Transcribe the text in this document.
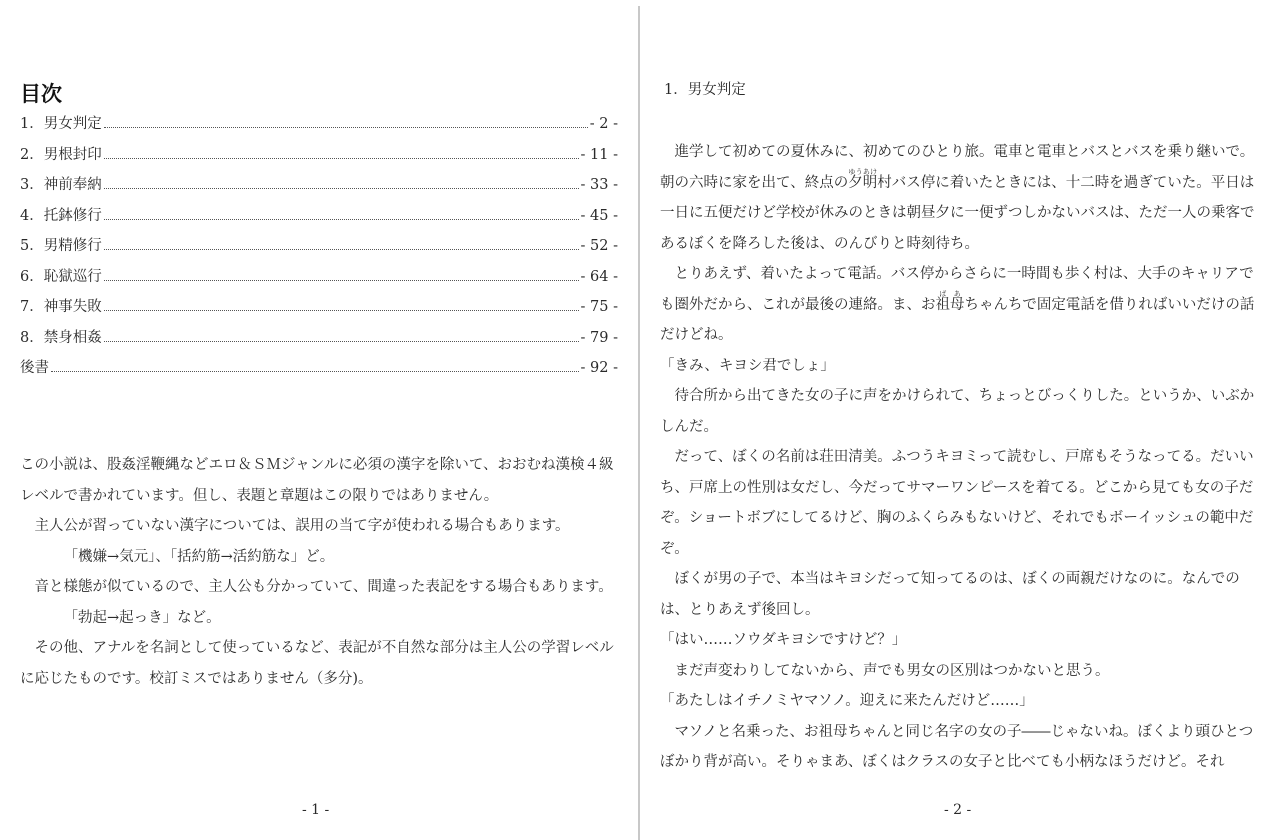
目次
1．男女判定	- 2 -
2．男根封印	- 11 -
3．神前奉納	- 33 -
4．托鉢修行	- 45 -
5．男精修行	- 52 -
6．恥獄巡行	- 64 -
7．神事失敗	- 75 -
8．禁身相姦	- 79 -
後書	- 92 -

この小説は、股姦淫鞭縄などエロ＆ＳＭジャンルに必須の漢字を除いて、おおむね漢検４級レベルで書かれています。但し、表題と章題はこの限りではありません。

主人公が習っていない漢字については、誤用の当て字が使われる場合もあります。

「機嫌→気元」、「括約筋→活約筋な」ど。

音と様態が似ているので、主人公も分かっていて、間違った表記をする場合もあります。

「勃起→起っき」など。

その他、アナルを名詞として使っているなど、表記が不自然な部分は主人公の学習レベルに応じたものです。校訂ミスではありません（多分)。

- 1 -
1．男女判定

　進学して初めての夏休みに、初めてのひとり旅。電車と電車とバスとバスを乗り継いで。朝の六時に家を出て、終点の夕明ゆうあけ村バス停に着いたときには、十二時を過ぎていた。平日は一日に五便だけど学校が休みのときは朝昼夕に一便ずつしかないバスは、ただ一人の乗客であるぼくを降ろした後は、のんびりと時刻待ち。

　とりあえず、着いたよって電話。バス停からさらに一時間も歩く村は、大手のキャリアでも圏外だから、これが最後の連絡。ま、お祖母ばあちゃんちで固定電話を借りればいいだけの話だけどね。

「きみ、キヨシ君でしょ」

　待合所から出てきた女の子に声をかけられて、ちょっとびっくりした。というか、いぶかしんだ。

　だって、ぼくの名前は荘田清美。ふつうキヨミって読むし、戸席もそうなってる。だいいち、戸席上の性別は女だし、今だってサマーワンピースを着てる。どこから見ても女の子だぞ。ショートボブにしてるけど、胸のふくらみもないけど、それでもボーイッシュの範中だぞ。

　ぼくが男の子で、本当はキヨシだって知ってるのは、ぼくの両親だけなのに。なんでのは、とりあえず後回し。

「はい……ソウダキヨシですけど？」

　まだ声変わりしてないから、声でも男女の区別はつかないと思う。

「あたしはイチノミヤマソノ。迎えに来たんだけど……」

　マソノと名乗った、お祖母ちゃんと同じ名字の女の子――じゃないね。ぼくより頭ひとつぼかり背が高い。そりゃまあ、ぼくはクラスの女子と比べても小柄なほうだけど。それ

- 2 -
